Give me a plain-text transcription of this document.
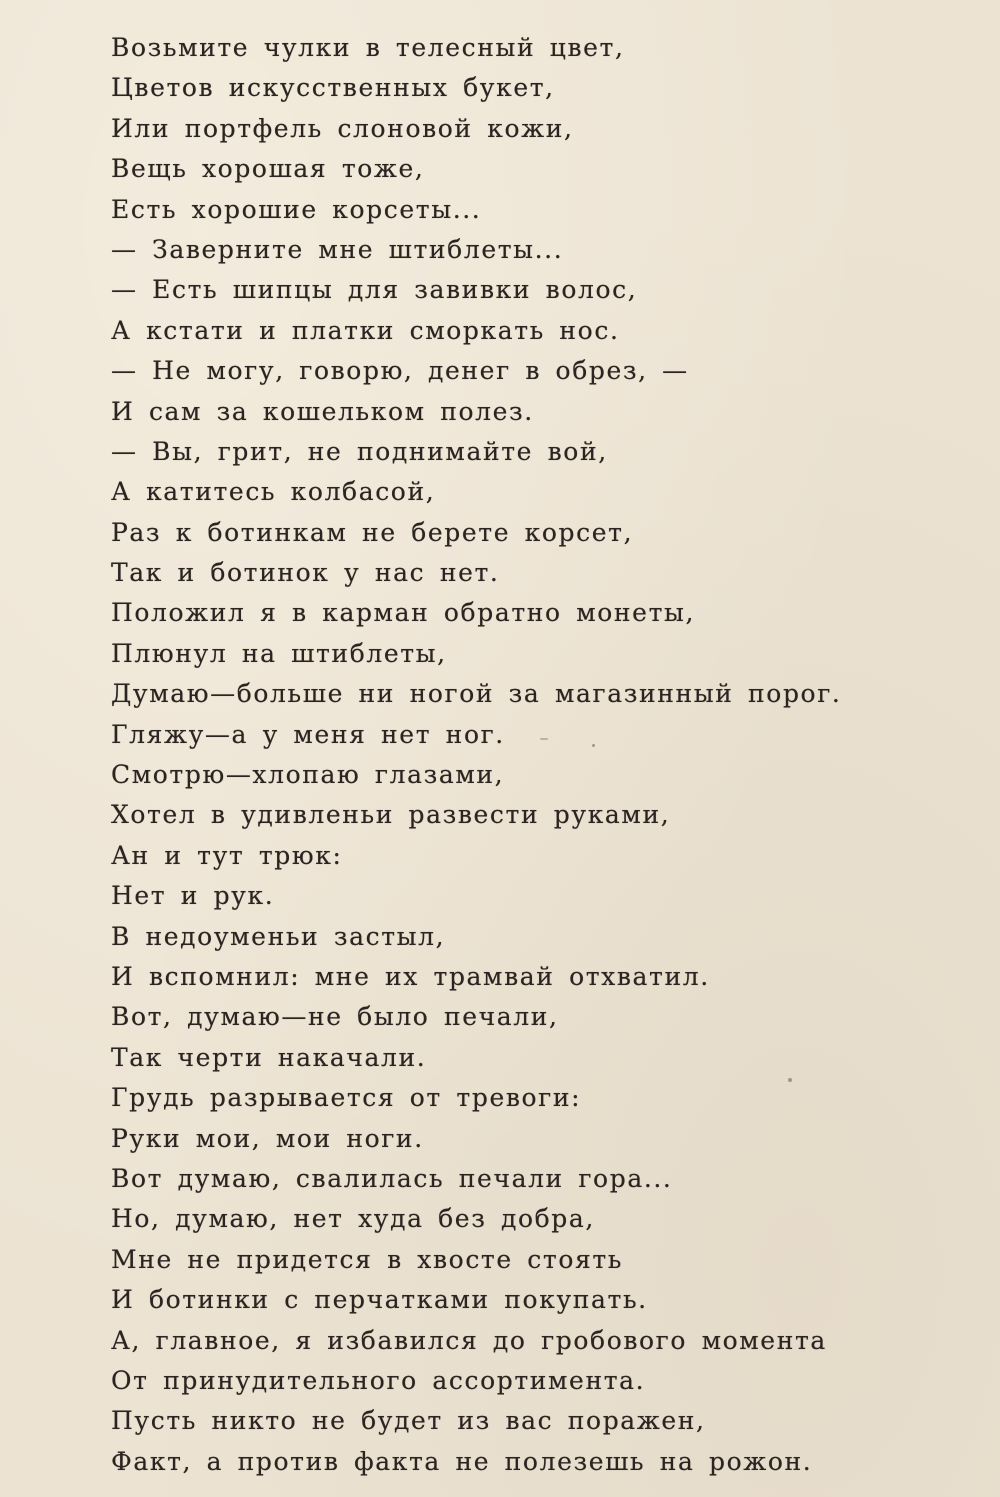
Возьмите чулки в телесный цвет,
Цветов искусственных букет,
Или портфель слоновой кожи,
Вещь хорошая тоже,
Есть хорошие корсеты...
— Заверните мне штиблеты...
— Есть шипцы для завивки волос,
А кстати и платки сморкать нос.
— Не могу, говорю, денег в обрез, —
И сам за кошельком полез.
— Вы, грит, не поднимайте вой,
А катитесь колбасой,
Раз к ботинкам не берете корсет,
Так и ботинок у нас нет.
Положил я в карман обратно монеты,
Плюнул на штиблеты,
Думаю—больше ни ногой за магазинный порог.
Гляжу—а у меня нет ног.
Смотрю—хлопаю глазами,
Хотел в удивленьи развести руками,
Ан и тут трюк:
Нет и рук.
В недоуменьи застыл,
И вспомнил: мне их трамвай отхватил.
Вот, думаю—не было печали,
Так черти накачали.
Грудь разрывается от тревоги:
Руки мои, мои ноги.
Вот думаю, свалилась печали гора...
Но, думаю, нет худа без добра,
Мне не придется в хвосте стоять
И ботинки с перчатками покупать.
А, главное, я избавился до гробового момента
От принудительного ассортимента.
Пусть никто не будет из вас поражен,
Факт, а против факта не полезешь на рожон.
